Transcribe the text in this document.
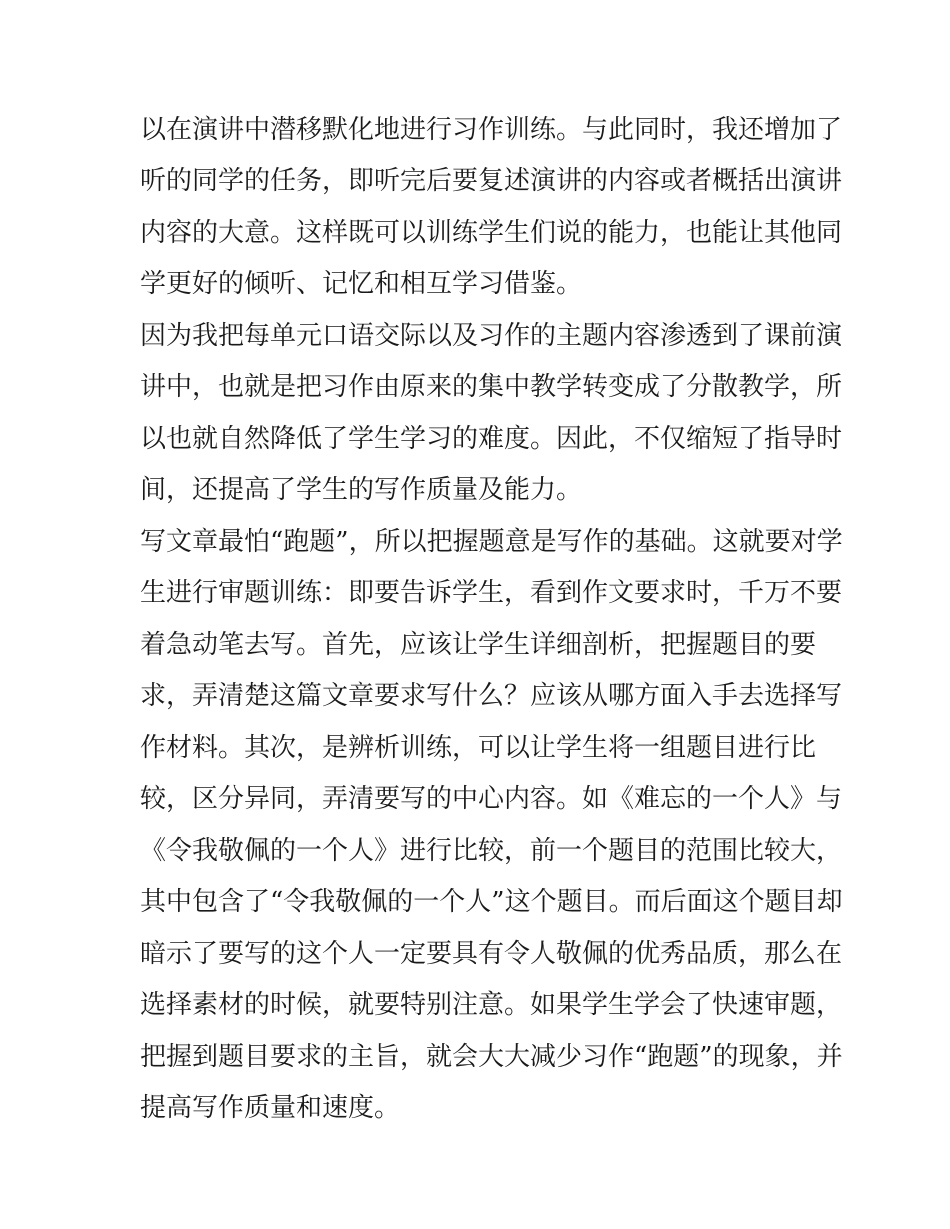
以在演讲中潜移默化地进行习作训练。与此同时，我还增加了
听的同学的任务，即听完后要复述演讲的内容或者概括出演讲
内容的大意。这样既可以训练学生们说的能力，也能让其他同
学更好的倾听、记忆和相互学习借鉴。
因为我把每单元口语交际以及习作的主题内容渗透到了课前演
讲中，也就是把习作由原来的集中教学转变成了分散教学，所
以也就自然降低了学生学习的难度。因此，不仅缩短了指导时
间，还提高了学生的写作质量及能力。
写文章最怕“跑题”，所以把握题意是写作的基础。这就要对学
生进行审题训练：即要告诉学生，看到作文要求时，千万不要
着急动笔去写。首先，应该让学生详细剖析，把握题目的要
求，弄清楚这篇文章要求写什么？应该从哪方面入手去选择写
作材料。其次，是辨析训练，可以让学生将一组题目进行比
较，区分异同，弄清要写的中心内容。如《难忘的一个人》与
《令我敬佩的一个人》进行比较，前一个题目的范围比较大，
其中包含了“令我敬佩的一个人”这个题目。而后面这个题目却
暗示了要写的这个人一定要具有令人敬佩的优秀品质，那么在
选择素材的时候，就要特别注意。如果学生学会了快速审题，
把握到题目要求的主旨，就会大大减少习作“跑题”的现象，并
提高写作质量和速度。
